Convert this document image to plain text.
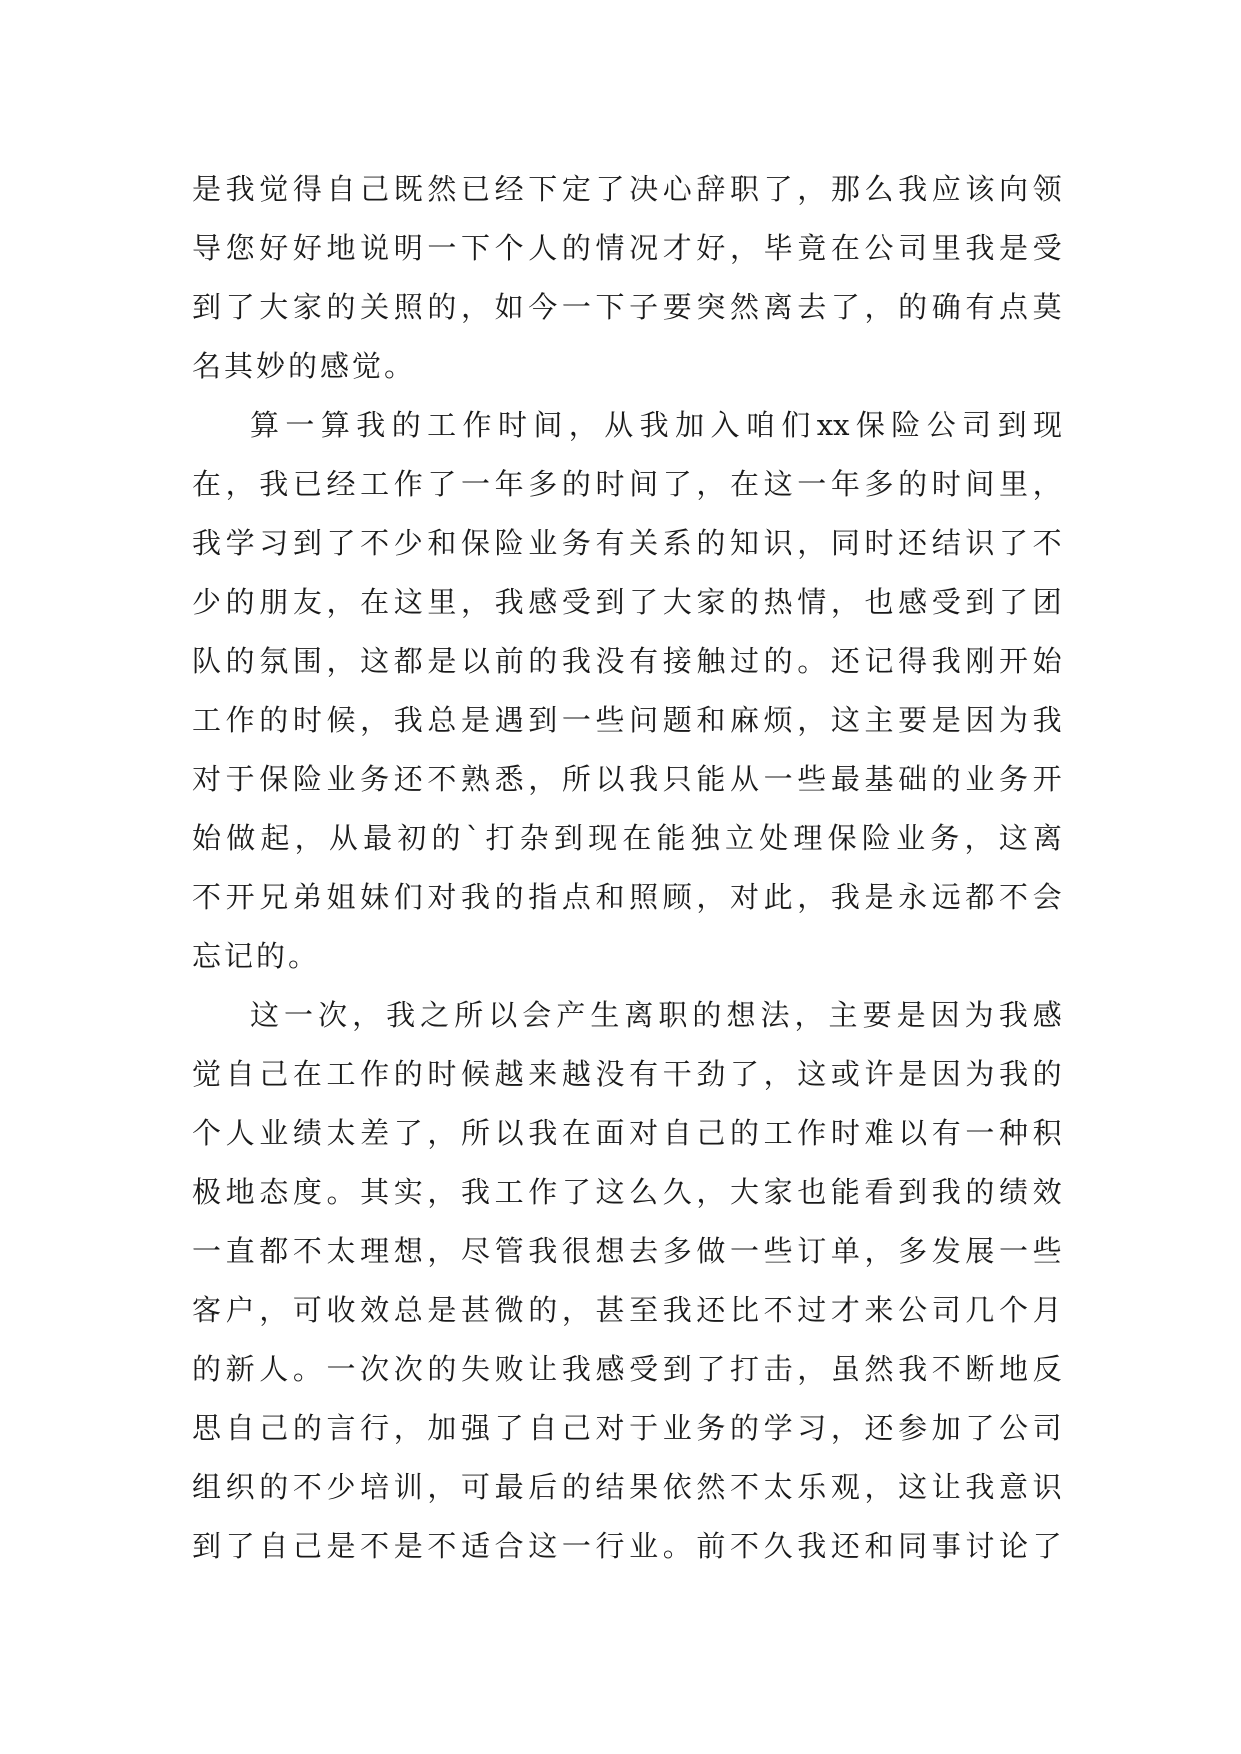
是 我 觉 得 自 己 既 然 已 经 下 定 了 决 心 辞 职 了 ， 那 么 我 应 该 向 领
导 您 好 好 地 说 明 一 下 个 人 的 情 况 才 好 ， 毕 竟 在 公 司 里 我 是 受
到 了 大 家 的 关 照 的 ， 如 今 一 下 子 要 突 然 离 去 了 ， 的 确 有 点 莫
名其妙的感觉。
算 一 算 我 的 工 作 时 间 ， 从 我 加 入 咱 们 xx 保 险 公 司 到 现
在 ， 我 已 经 工 作 了 一 年 多 的 时 间 了 ， 在 这 一 年 多 的 时 间 里 ，
我 学 习 到 了 不 少 和 保 险 业 务 有 关 系 的 知 识 ， 同 时 还 结 识 了 不
少 的 朋 友 ， 在 这 里 ， 我 感 受 到 了 大 家 的 热 情 ， 也 感 受 到 了 团
队 的 氛 围 ， 这 都 是 以 前 的 我 没 有 接 触 过 的 。 还 记 得 我 刚 开 始
工 作 的 时 候 ， 我 总 是 遇 到 一 些 问 题 和 麻 烦 ， 这 主 要 是 因 为 我
对 于 保 险 业 务 还 不 熟 悉 ， 所 以 我 只 能 从 一 些 最 基 础 的 业 务 开
始 做 起 ， 从 最 初 的 ` 打 杂 到 现 在 能 独 立 处 理 保 险 业 务 ， 这 离
不 开 兄 弟 姐 妹 们 对 我 的 指 点 和 照 顾 ， 对 此 ， 我 是 永 远 都 不 会
忘记的。
这 一 次 ， 我 之 所 以 会 产 生 离 职 的 想 法 ， 主 要 是 因 为 我 感
觉 自 己 在 工 作 的 时 候 越 来 越 没 有 干 劲 了 ， 这 或 许 是 因 为 我 的
个 人 业 绩 太 差 了 ， 所 以 我 在 面 对 自 己 的 工 作 时 难 以 有 一 种 积
极 地 态 度 。 其 实 ， 我 工 作 了 这 么 久 ， 大 家 也 能 看 到 我 的 绩 效
一 直 都 不 太 理 想 ， 尽 管 我 很 想 去 多 做 一 些 订 单 ， 多 发 展 一 些
客 户 ， 可 收 效 总 是 甚 微 的 ， 甚 至 我 还 比 不 过 才 来 公 司 几 个 月
的 新 人 。 一 次 次 的 失 败 让 我 感 受 到 了 打 击 ， 虽 然 我 不 断 地 反
思 自 己 的 言 行 ， 加 强 了 自 己 对 于 业 务 的 学 习 ， 还 参 加 了 公 司
组 织 的 不 少 培 训 ， 可 最 后 的 结 果 依 然 不 太 乐 观 ， 这 让 我 意 识
到 了 自 己 是 不 是 不 适 合 这 一 行 业 。 前 不 久 我 还 和 同 事 讨 论 了
